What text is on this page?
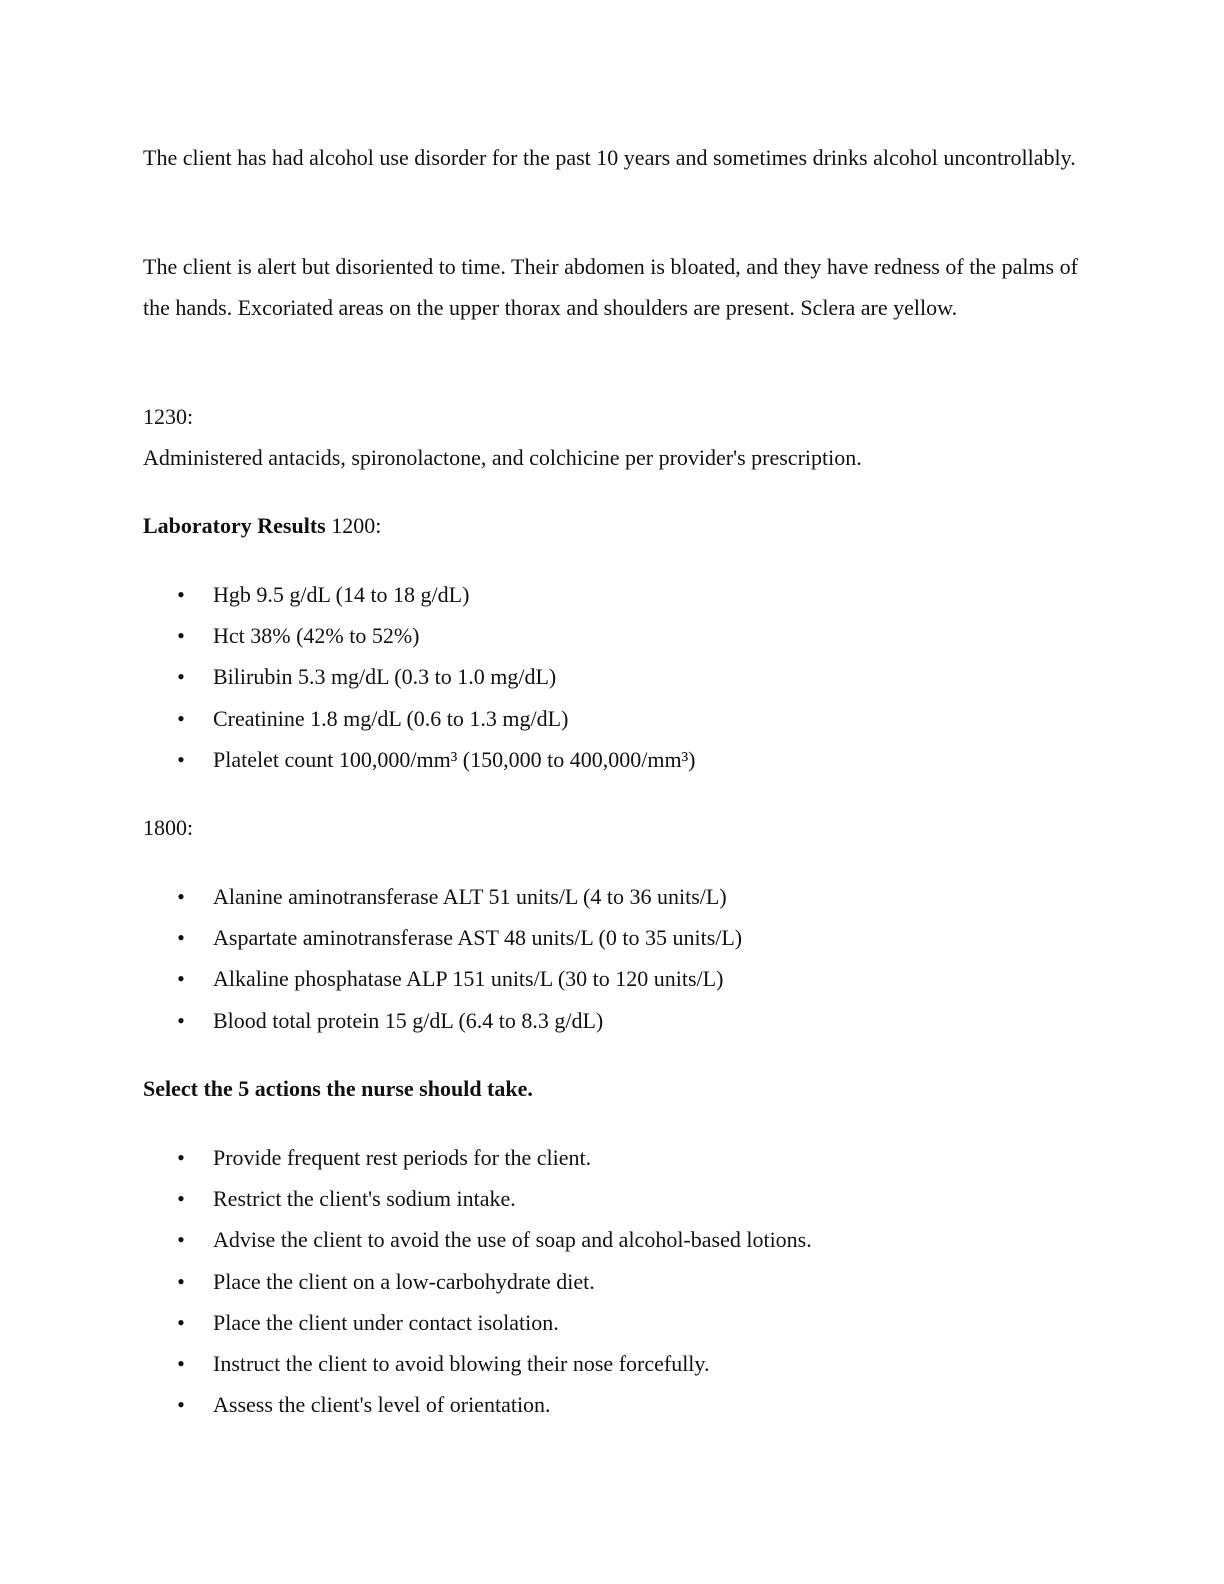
The client has had alcohol use disorder for the past 10 years and sometimes drinks alcohol uncontrollably.

The client is alert but disoriented to time. Their abdomen is bloated, and they have redness of the palms of the hands. Excoriated areas on the upper thorax and shoulders are present. Sclera are yellow.

1230:

Administered antacids, spironolactone, and colchicine per provider's prescription.

Laboratory Results 1200:

• Hgb 9.5 g/dL (14 to 18 g/dL)
• Hct 38% (42% to 52%)
• Bilirubin 5.3 mg/dL (0.3 to 1.0 mg/dL)
• Creatinine 1.8 mg/dL (0.6 to 1.3 mg/dL)
• Platelet count 100,000/mm³ (150,000 to 400,000/mm³)

1800:

• Alanine aminotransferase ALT 51 units/L (4 to 36 units/L)
• Aspartate aminotransferase AST 48 units/L (0 to 35 units/L)
• Alkaline phosphatase ALP 151 units/L (30 to 120 units/L)
• Blood total protein 15 g/dL (6.4 to 8.3 g/dL)

Select the 5 actions the nurse should take.

• Provide frequent rest periods for the client.
• Restrict the client's sodium intake.
• Advise the client to avoid the use of soap and alcohol-based lotions.
• Place the client on a low-carbohydrate diet.
• Place the client under contact isolation.
• Instruct the client to avoid blowing their nose forcefully.
• Assess the client's level of orientation.
